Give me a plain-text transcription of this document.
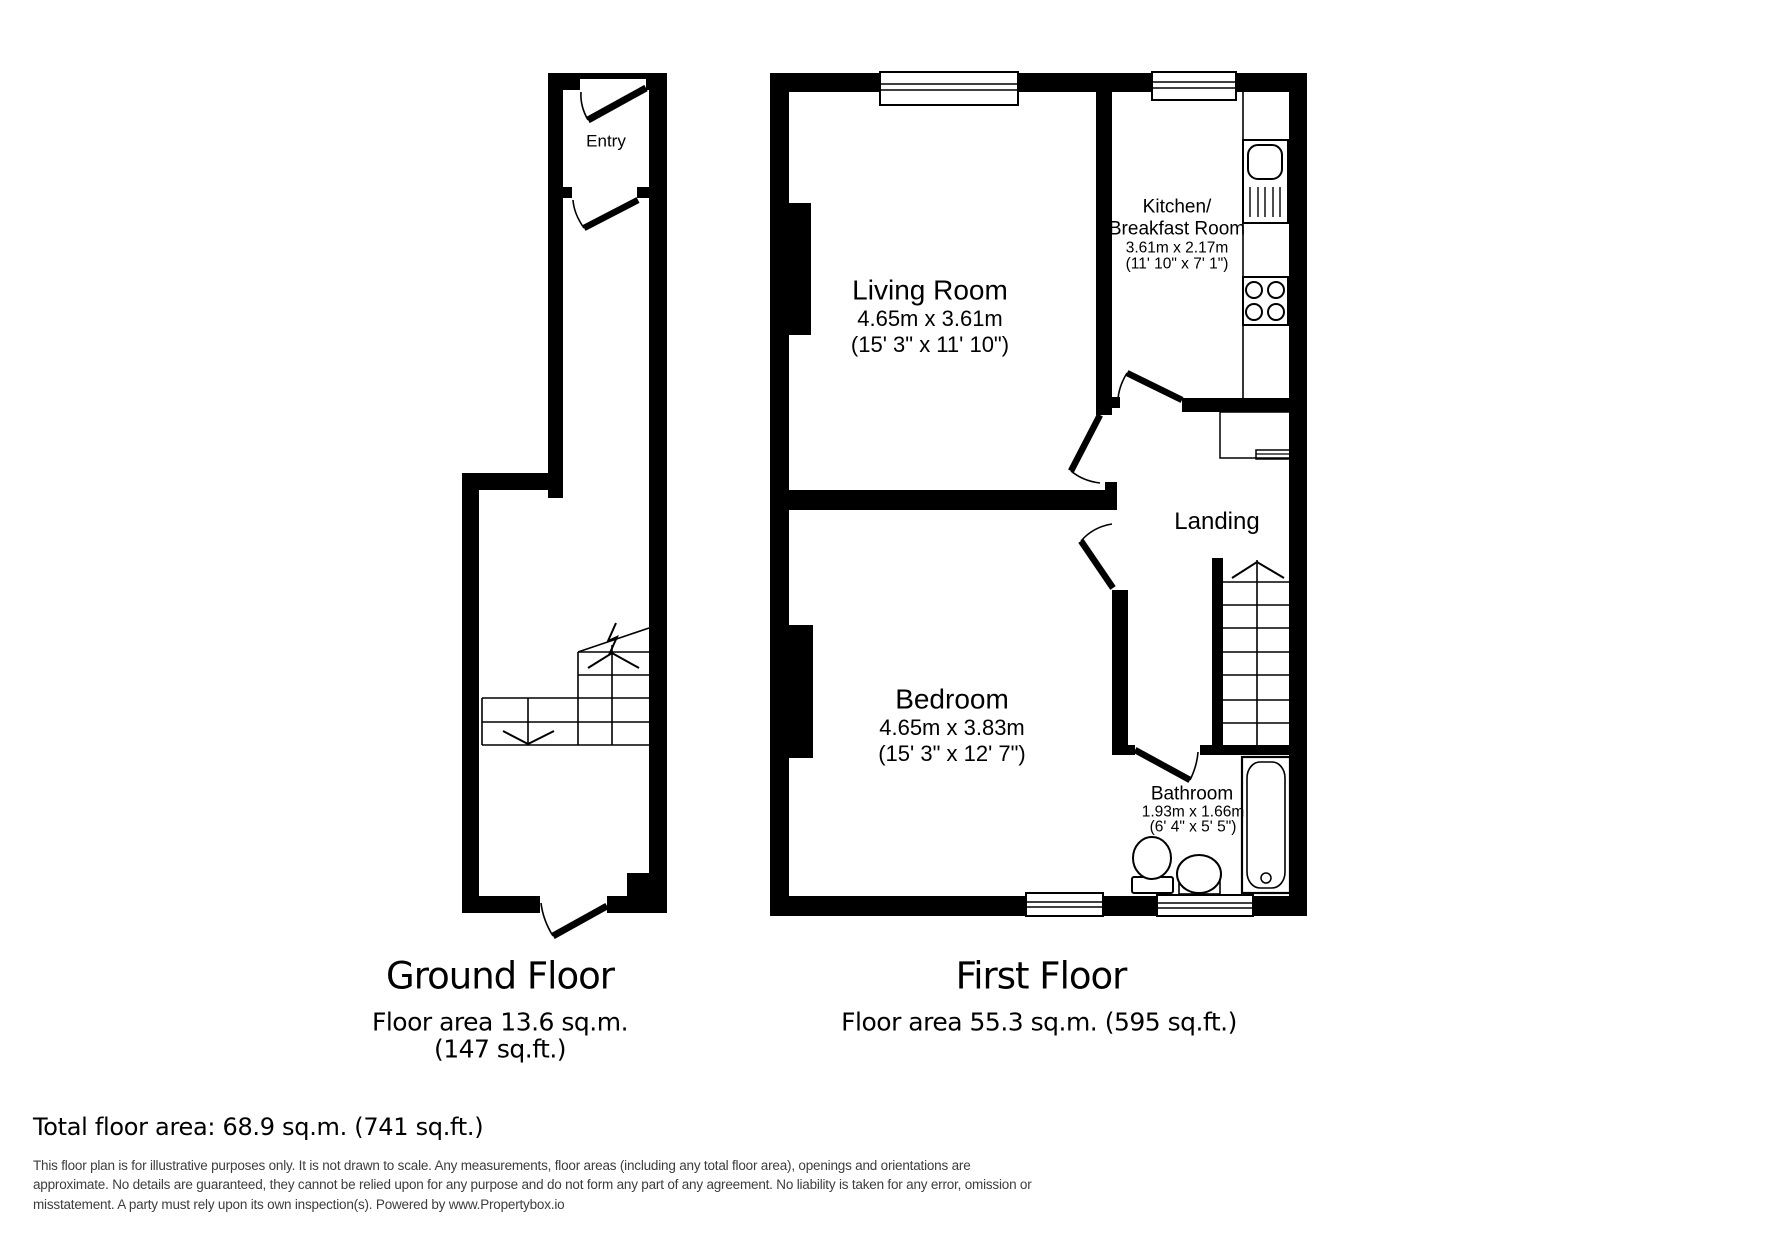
Entry
Living Room
4.65m x 3.61m
(15' 3" x 11' 10")
Kitchen/
Breakfast Room
3.61m x 2.17m
(11' 10" x 7' 1")
Landing
Bedroom
4.65m x 3.83m
(15' 3" x 12' 7")
Bathroom
1.93m x 1.66m
(6' 4" x 5' 5")
Ground Floor
Floor area 13.6 sq.m.
(147 sq.ft.)
First Floor
Floor area 55.3 sq.m. (595 sq.ft.)
Total floor area: 68.9 sq.m. (741 sq.ft.)
This floor plan is for illustrative purposes only. It is not drawn to scale. Any measurements, floor areas (including any total floor area), openings and orientations are
approximate. No details are guaranteed, they cannot be relied upon for any purpose and do not form any part of any agreement. No liability is taken for any error, omission or
misstatement. A party must rely upon its own inspection(s). Powered by www.Propertybox.io
